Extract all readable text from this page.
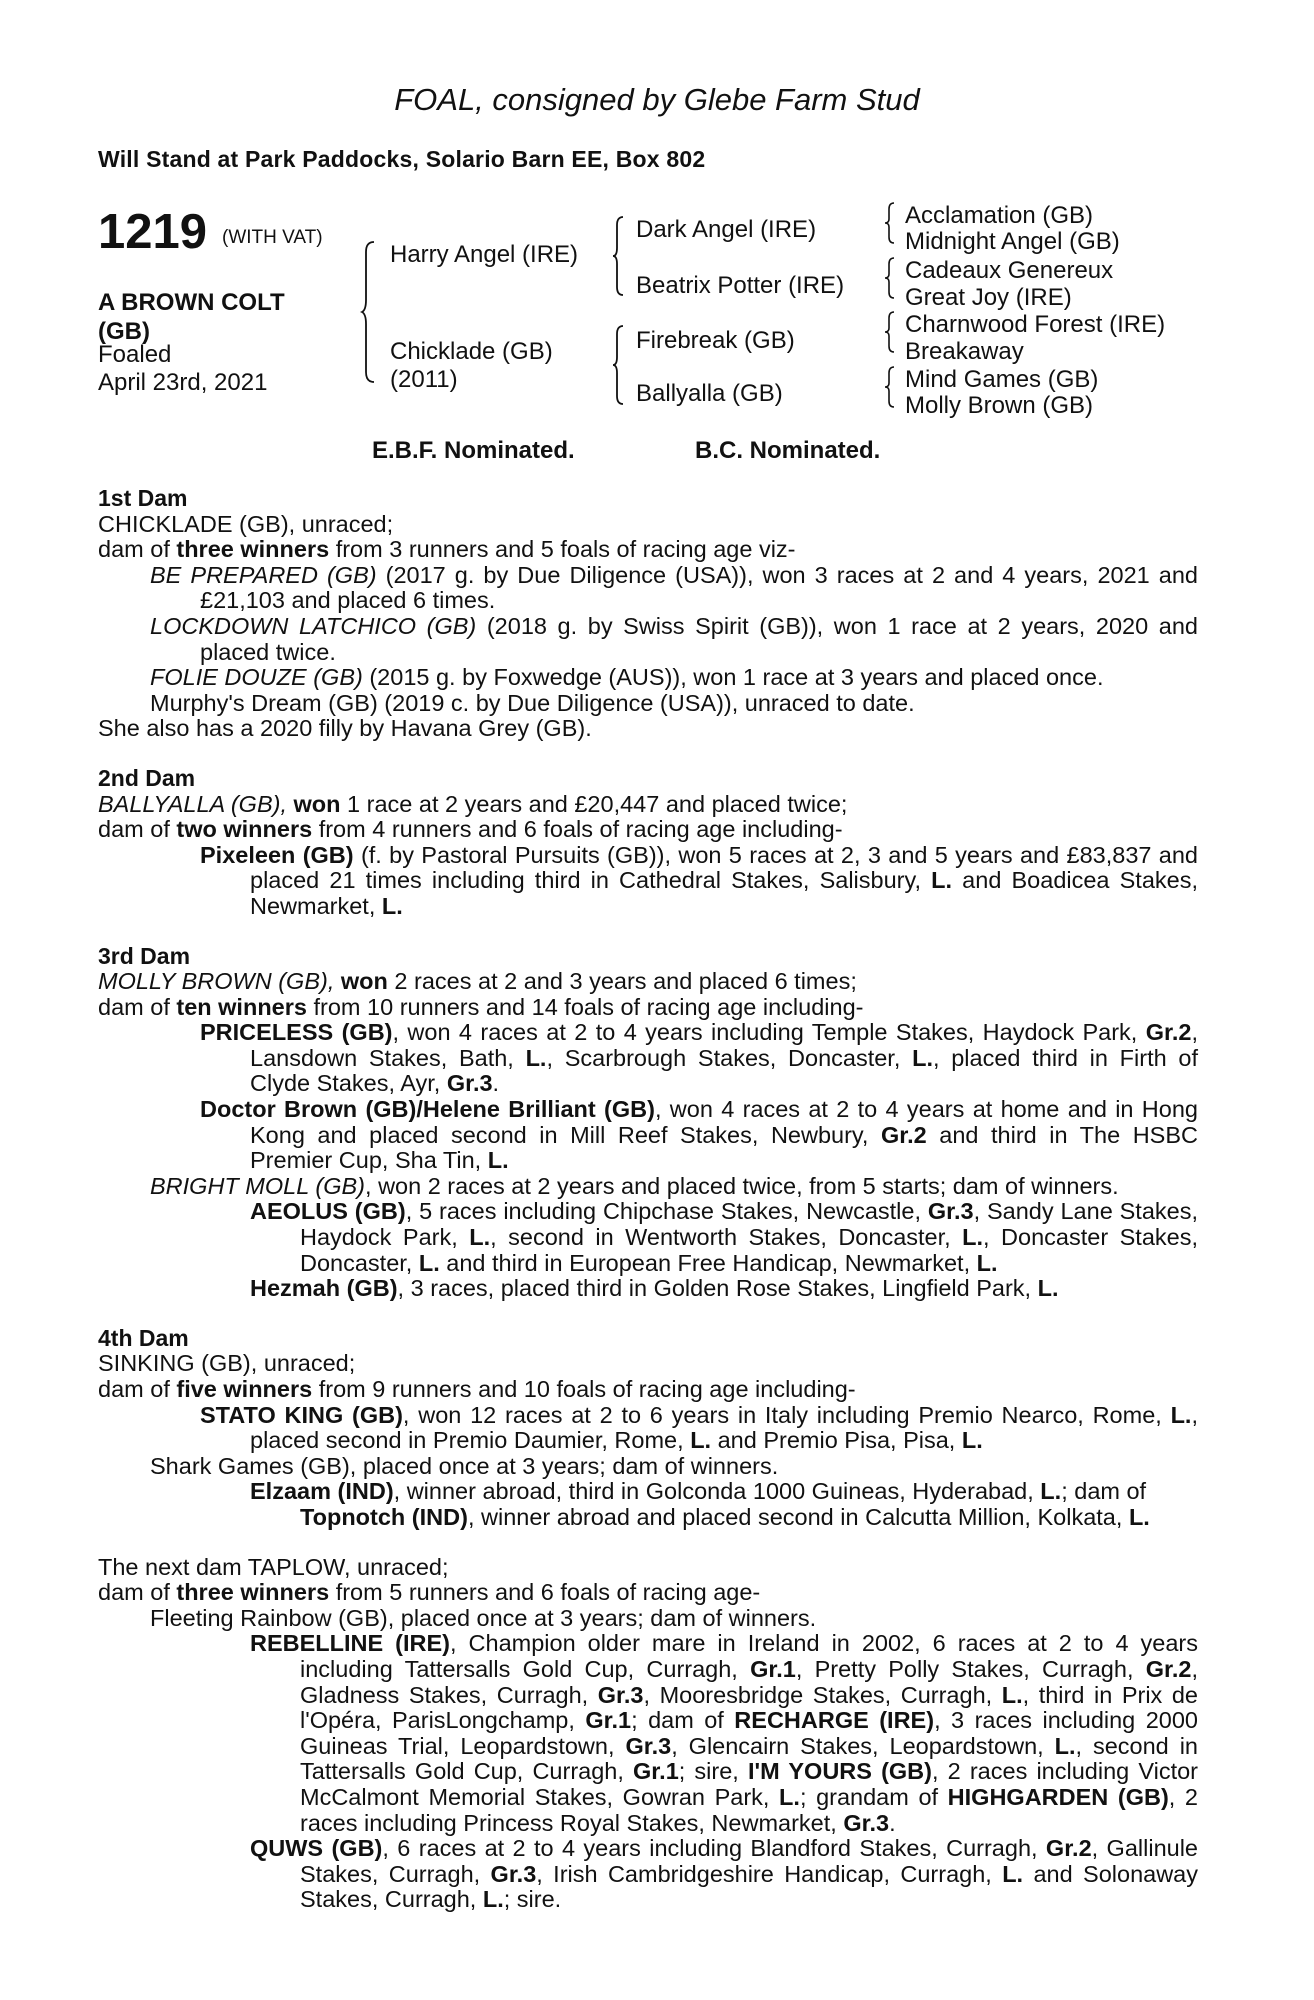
FOAL, consigned by Glebe Farm Stud
Will Stand at Park Paddocks, Solario Barn EE, Box 802
1219 (WITH VAT)
A BROWN COLT
(GB)
Foaled
April 23rd, 2021
Harry Angel (IRE)
Chicklade (GB)
(2011)
Dark Angel (IRE)
Beatrix Potter (IRE)
Firebreak (GB)
Ballyalla (GB)
Acclamation (GB)
Midnight Angel (GB)
Cadeaux Genereux
Great Joy (IRE)
Charnwood Forest (IRE)
Breakaway
Mind Games (GB)
Molly Brown (GB)
E.B.F. Nominated.	B.C. Nominated.
1st Dam

CHICKLADE (GB), unraced;

dam of three winners from 3 runners and 5 foals of racing age viz-

BE PREPARED (GB) (2017 g. by Due Diligence (USA)), won 3 races at 2 and 4 years, 2021 and £21,103 and placed 6 times.

LOCKDOWN LATCHICO (GB) (2018 g. by Swiss Spirit (GB)), won 1 race at 2 years, 2020 and placed twice.

FOLIE DOUZE (GB) (2015 g. by Foxwedge (AUS)), won 1 race at 3 years and placed once.

Murphy's Dream (GB) (2019 c. by Due Diligence (USA)), unraced to date.

She also has a 2020 filly by Havana Grey (GB).

2nd Dam

BALLYALLA (GB), won 1 race at 2 years and £20,447 and placed twice;

dam of two winners from 4 runners and 6 foals of racing age including-

Pixeleen (GB) (f. by Pastoral Pursuits (GB)), won 5 races at 2, 3 and 5 years and £83,837 and placed 21 times including third in Cathedral Stakes, Salisbury, L. and Boadicea Stakes, Newmarket, L.

3rd Dam

MOLLY BROWN (GB), won 2 races at 2 and 3 years and placed 6 times;

dam of ten winners from 10 runners and 14 foals of racing age including-

PRICELESS (GB), won 4 races at 2 to 4 years including Temple Stakes, Haydock Park, Gr.2, Lansdown Stakes, Bath, L., Scarbrough Stakes, Doncaster, L., placed third in Firth of Clyde Stakes, Ayr, Gr.3.

Doctor Brown (GB)/Helene Brilliant (GB), won 4 races at 2 to 4 years at home and in Hong Kong and placed second in Mill Reef Stakes, Newbury, Gr.2 and third in The HSBC Premier Cup, Sha Tin, L.

BRIGHT MOLL (GB), won 2 races at 2 years and placed twice, from 5 starts; dam of winners.

AEOLUS (GB), 5 races including Chipchase Stakes, Newcastle, Gr.3, Sandy Lane Stakes, Haydock Park, L., second in Wentworth Stakes, Doncaster, L., Doncaster Stakes, Doncaster, L. and third in European Free Handicap, Newmarket, L.

Hezmah (GB), 3 races, placed third in Golden Rose Stakes, Lingfield Park, L.

4th Dam

SINKING (GB), unraced;

dam of five winners from 9 runners and 10 foals of racing age including-

STATO KING (GB), won 12 races at 2 to 6 years in Italy including Premio Nearco, Rome, L., placed second in Premio Daumier, Rome, L. and Premio Pisa, Pisa, L.

Shark Games (GB), placed once at 3 years; dam of winners.

Elzaam (IND), winner abroad, third in Golconda 1000 Guineas, Hyderabad, L.; dam of

Topnotch (IND), winner abroad and placed second in Calcutta Million, Kolkata, L.

The next dam TAPLOW, unraced;

dam of three winners from 5 runners and 6 foals of racing age-

Fleeting Rainbow (GB), placed once at 3 years; dam of winners.

REBELLINE (IRE), Champion older mare in Ireland in 2002, 6 races at 2 to 4 years including Tattersalls Gold Cup, Curragh, Gr.1, Pretty Polly Stakes, Curragh, Gr.2, Gladness Stakes, Curragh, Gr.3, Mooresbridge Stakes, Curragh, L., third in Prix de l'Opéra, ParisLongchamp, Gr.1; dam of RECHARGE (IRE), 3 races including 2000 Guineas Trial, Leopardstown, Gr.3, Glencairn Stakes, Leopardstown, L., second in Tattersalls Gold Cup, Curragh, Gr.1; sire, I'M YOURS (GB), 2 races including Victor McCalmont Memorial Stakes, Gowran Park, L.; grandam of HIGHGARDEN (GB), 2 races including Princess Royal Stakes, Newmarket, Gr.3.

QUWS (GB), 6 races at 2 to 4 years including Blandford Stakes, Curragh, Gr.2, Gallinule Stakes, Curragh, Gr.3, Irish Cambridgeshire Handicap, Curragh, L. and Solonaway Stakes, Curragh, L.; sire.
